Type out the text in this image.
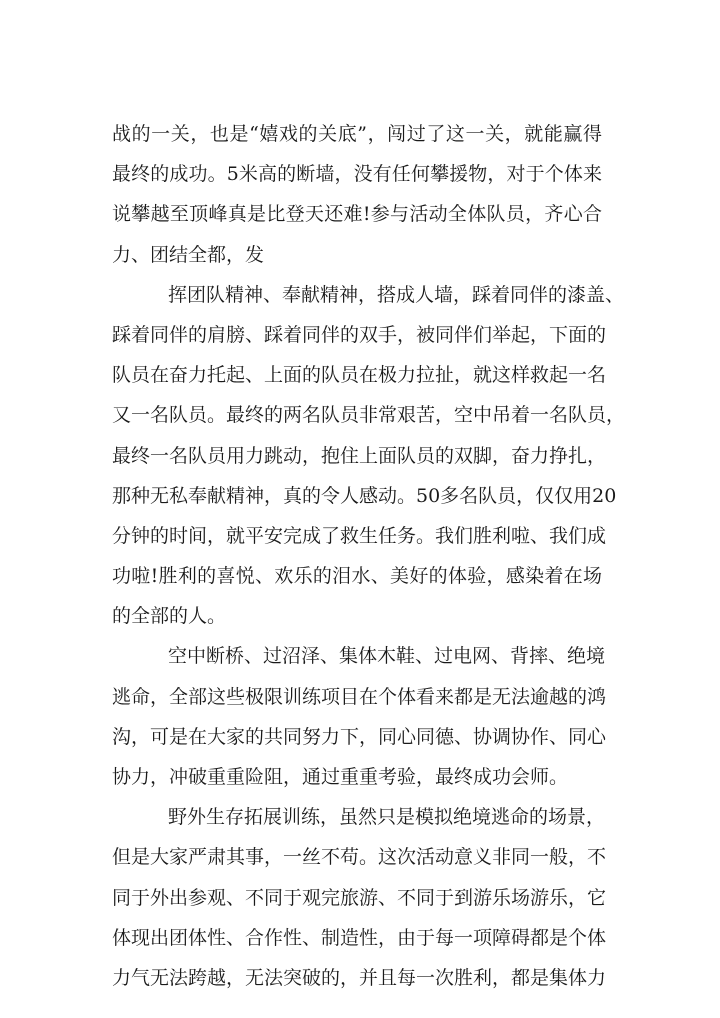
战的一关，也是“嬉戏的关底”，闯过了这一关，就能赢得
最终的成功。5米高的断墙，没有任何攀援物，对于个体来
说攀越至顶峰真是比登天还难!参与活动全体队员，齐心合
力、团结全都，发
挥团队精神、奉献精神，搭成人墙，踩着同伴的漆盖、
踩着同伴的肩膀、踩着同伴的双手，被同伴们举起，下面的
队员在奋力托起、上面的队员在极力拉扯，就这样救起一名
又一名队员。最终的两名队员非常艰苦，空中吊着一名队员，
最终一名队员用力跳动，抱住上面队员的双脚，奋力挣扎，
那种无私奉献精神，真的令人感动。50多名队员，仅仅用20
分钟的时间，就平安完成了救生任务。我们胜利啦、我们成
功啦!胜利的喜悦、欢乐的泪水、美好的体验，感染着在场
的全部的人。
空中断桥、过沼泽、集体木鞋、过电网、背摔、绝境
逃命，全部这些极限训练项目在个体看来都是无法逾越的鸿
沟，可是在大家的共同努力下，同心同德、协调协作、同心
协力，冲破重重险阻，通过重重考验，最终成功会师。
野外生存拓展训练，虽然只是模拟绝境逃命的场景，
但是大家严肃其事，一丝不苟。这次活动意义非同一般，不
同于外出参观、不同于观完旅游、不同于到游乐场游乐，它
体现出团体性、合作性、制造性，由于每一项障碍都是个体
力气无法跨越，无法突破的，并且每一次胜利，都是集体力
